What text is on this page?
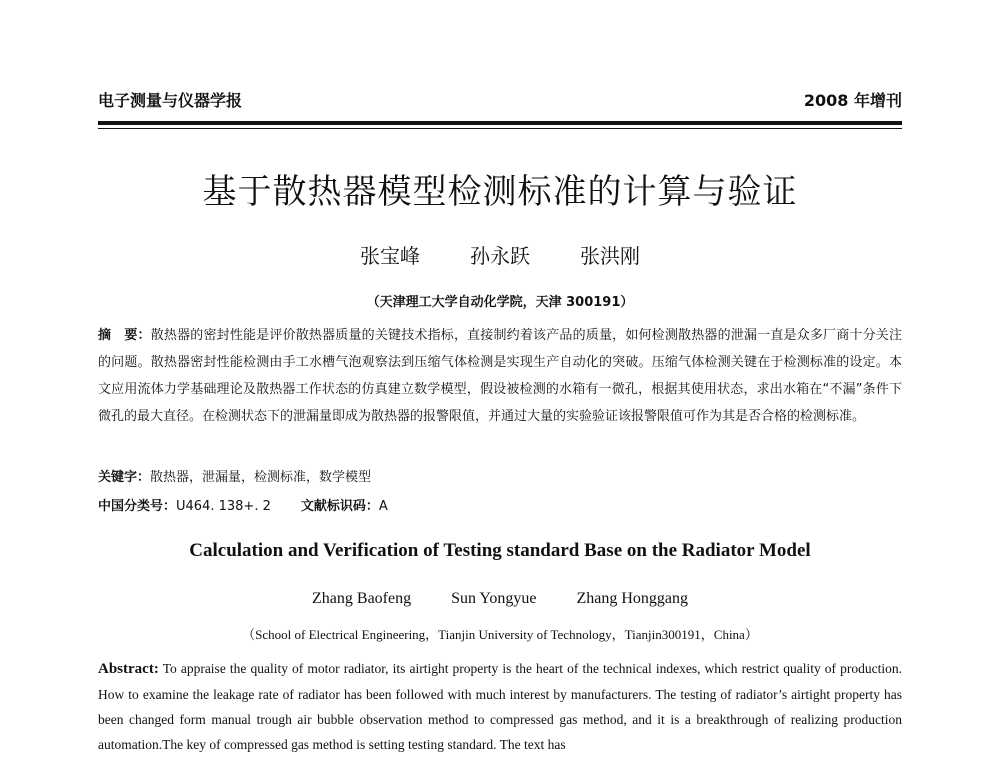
电子测量与仪器学报	2008 年增刊
基于散热器模型检测标准的计算与验证
张宝峰	孙永跃	张洪刚
（天津理工大学自动化学院，天津 300191）
摘　要：散热器的密封性能是评价散热器质量的关键技术指标，直接制约着该产品的质量，如何检测散热器的泄漏一直是众多厂商十分关注的问题。散热器密封性能检测由手工水槽气泡观察法到压缩气体检测是实现生产自动化的突破。压缩气体检测关键在于检测标准的设定。本文应用流体力学基础理论及散热器工作状态的仿真建立数学模型，假设被检测的水箱有一微孔，根据其使用状态，求出水箱在“不漏”条件下微孔的最大直径。在检测状态下的泄漏量即成为散热器的报警限值，并通过大量的实验验证该报警限值可作为其是否合格的检测标准。
关键字：散热器，泄漏量，检测标准，数学模型
中国分类号：U464. 138+. 2 文献标识码：A
Calculation and Verification of Testing standard Base on the Radiator Model
Zhang Baofeng	Sun Yongyue	Zhang Honggang
（School of Electrical Engineering，Tianjin University of Technology，Tianjin300191，China）
Abstract: To appraise the quality of motor radiator, its airtight property is the heart of the technical indexes, which restrict quality of production. How to examine the leakage rate of radiator has been followed with much interest by manufacturers. The testing of radiator’s airtight property has been changed form manual trough air bubble observation method to compressed gas method, and it is a breakthrough of realizing production automation.The key of compressed gas method is setting testing standard. The text has
